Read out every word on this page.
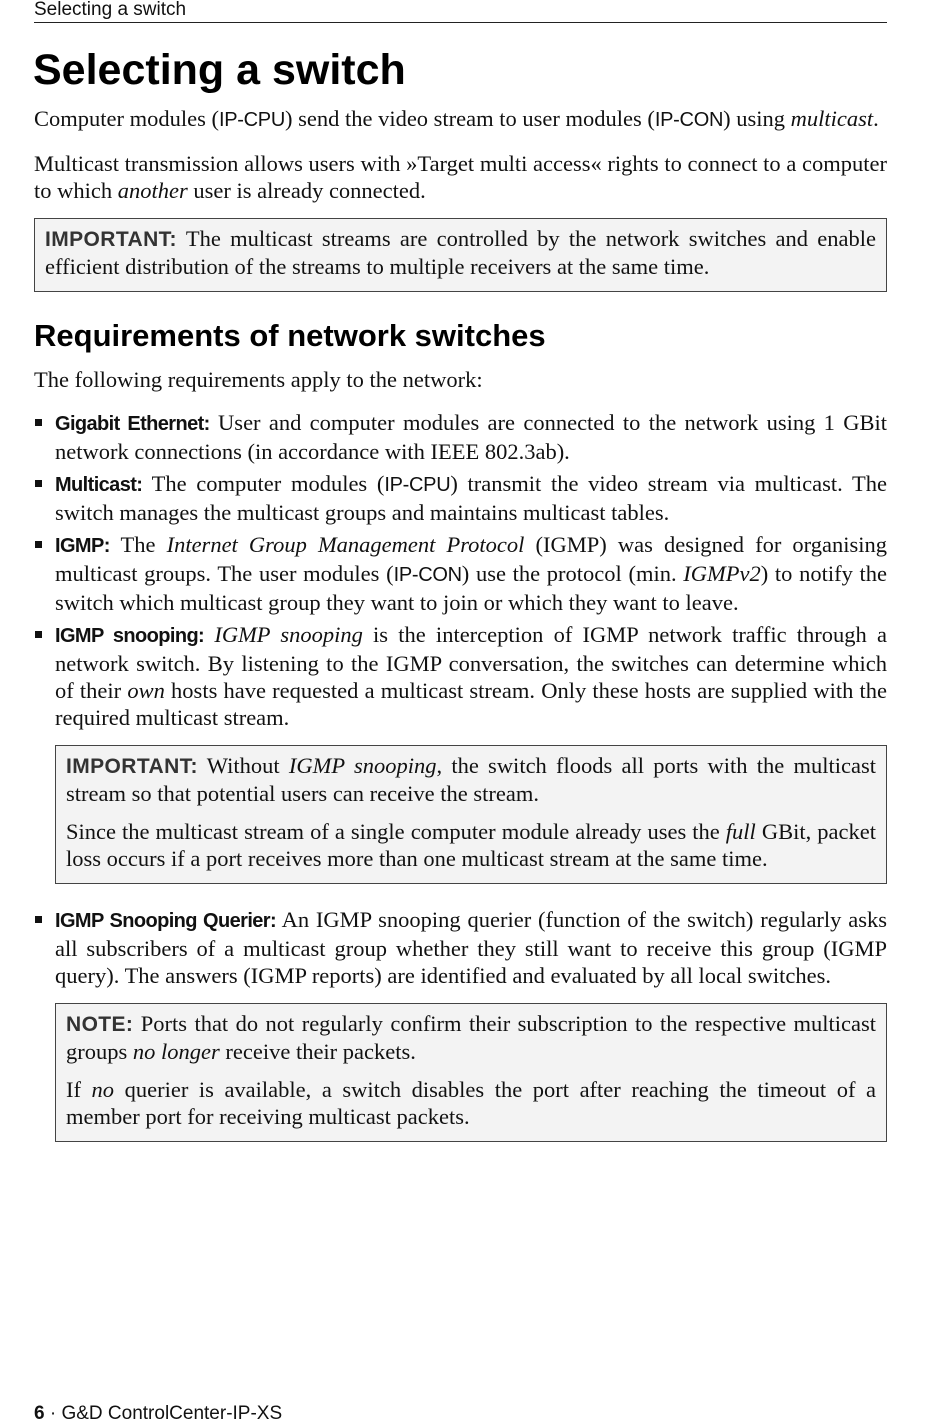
Selecting a switch
Selecting a switch

Computer modules (IP-CPU) send the video stream to user modules (IP-CON) using multicast.

Multicast transmission allows users with »Target multi access« rights to connect to a computer to which another user is already connected.

IMPORTANT: The multicast streams are controlled by the network switches and enable efficient distribution of the streams to multiple receivers at the same time.

Requirements of network switches

The following requirements apply to the network:

Gigabit Ethernet: User and computer modules are connected to the network using 1 GBit network connections (in accordance with IEEE 802.3ab).
Multicast: The computer modules (IP-CPU) transmit the video stream via multicast. The switch manages the multicast groups and maintains multicast tables.
IGMP: The Internet Group Management Protocol (IGMP) was designed for organising multicast groups. The user modules (IP-CON) use the protocol (min. IGMPv2) to notify the switch which multicast group they want to join or which they want to leave.
IGMP snooping: IGMP snooping is the interception of IGMP network traffic through a network switch. By listening to the IGMP conversation, the switches can determine which of their own hosts have requested a multicast stream. Only these hosts are supplied with the required multicast stream.

IMPORTANT: Without IGMP snooping, the switch floods all ports with the multicast stream so that potential users can receive the stream.

Since the multicast stream of a single computer module already uses the full GBit, packet loss occurs if a port receives more than one multicast stream at the same time.

IGMP Snooping Querier: An IGMP snooping querier (function of the switch) regularly asks all subscribers of a multicast group whether they still want to receive this group (IGMP query). The answers (IGMP reports) are identified and evaluated by all local switches.

NOTE: Ports that do not regularly confirm their subscription to the respective multicast groups no longer receive their packets.

If no querier is available, a switch disables the port after reaching the timeout of a member port for receiving multicast packets.

6 · G&D ControlCenter-IP-XS
